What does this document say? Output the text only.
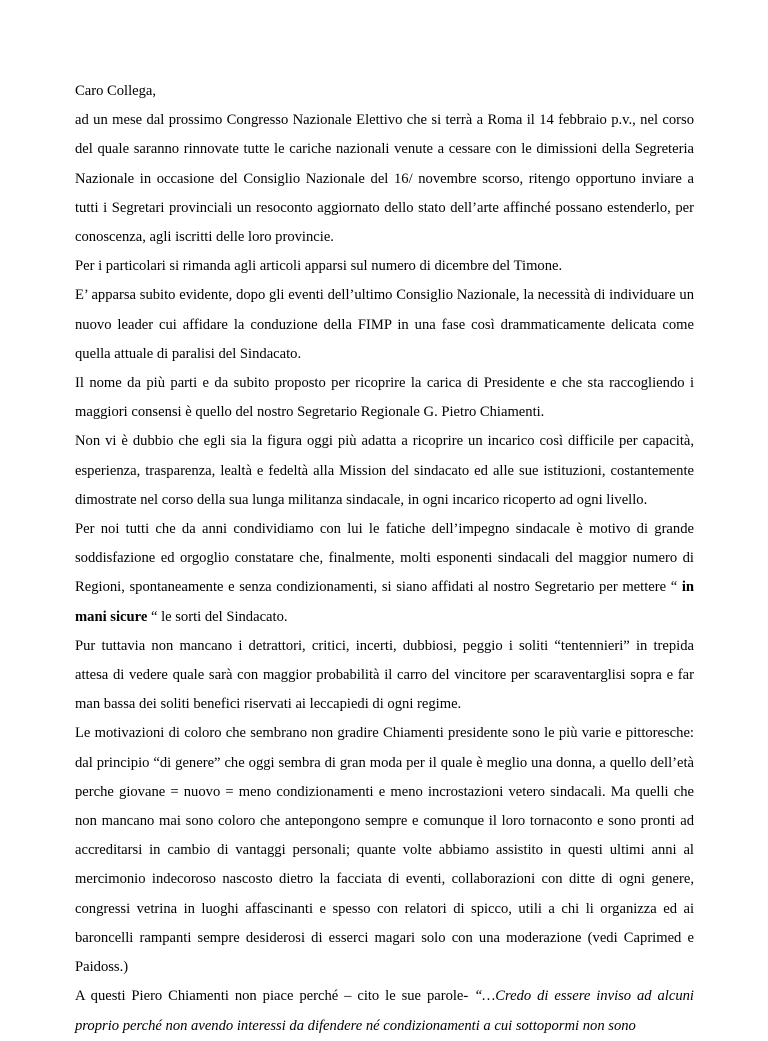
Caro Collega,

ad un mese dal prossimo Congresso Nazionale Elettivo che si terrà a Roma il 14 febbraio p.v., nel corso del quale saranno rinnovate tutte le cariche nazionali venute a cessare con le dimissioni della Segreteria Nazionale in occasione del Consiglio Nazionale del 16/ novembre scorso, ritengo opportuno inviare a tutti i Segretari provinciali un resoconto aggiornato dello stato dell’arte affinché possano estenderlo, per conoscenza, agli iscritti delle loro provincie.

Per i particolari si rimanda agli articoli apparsi sul numero di dicembre del Timone.

E’ apparsa subito evidente, dopo gli eventi dell’ultimo Consiglio Nazionale, la necessità di individuare un nuovo leader cui affidare la conduzione della FIMP in una fase così drammaticamente delicata come quella attuale di paralisi del Sindacato.

Il nome da più parti e da subito proposto per ricoprire la carica di Presidente e che sta raccogliendo i maggiori consensi è quello del nostro Segretario Regionale G. Pietro Chiamenti.

Non vi è dubbio che egli sia la figura oggi più adatta a ricoprire un incarico così difficile per capacità, esperienza, trasparenza, lealtà e fedeltà alla Mission del sindacato ed alle sue istituzioni, costantemente dimostrate nel corso della sua lunga militanza sindacale, in ogni incarico ricoperto ad ogni livello.

Per noi tutti che da anni condividiamo con lui le fatiche dell’impegno sindacale è motivo di grande soddisfazione ed orgoglio constatare che, finalmente, molti esponenti sindacali del maggior numero di Regioni, spontaneamente e senza condizionamenti, si siano affidati al nostro Segretario per mettere “ in mani sicure “ le sorti del Sindacato.

Pur tuttavia non mancano i detrattori, critici, incerti, dubbiosi, peggio i soliti “tentennieri” in trepida attesa di vedere quale sarà con maggior probabilità il carro del vincitore per scaraventarglisi sopra e far man bassa dei soliti benefici riservati ai leccapiedi di ogni regime.

Le motivazioni di coloro che sembrano non gradire Chiamenti presidente sono le più varie e pittoresche: dal principio “di genere” che oggi sembra di gran moda per il quale è meglio una donna, a quello dell’età perche giovane = nuovo = meno condizionamenti e meno incrostazioni vetero sindacali. Ma quelli che non mancano mai sono coloro che antepongono sempre e comunque il loro tornaconto e sono pronti ad accreditarsi in cambio di vantaggi personali; quante volte abbiamo assistito in questi ultimi anni al mercimonio indecoroso nascosto dietro la facciata di eventi, collaborazioni con ditte di ogni genere, congressi vetrina in luoghi affascinanti e spesso con relatori di spicco, utili a chi li organizza ed ai baroncelli rampanti sempre desiderosi di esserci magari solo con una moderazione (vedi Caprimed e Paidoss.)

A questi Piero Chiamenti non piace perché – cito le sue parole- “…Credo di essere inviso ad alcuni proprio perché non avendo interessi da difendere né condizionamenti a cui sottopormi non sono
